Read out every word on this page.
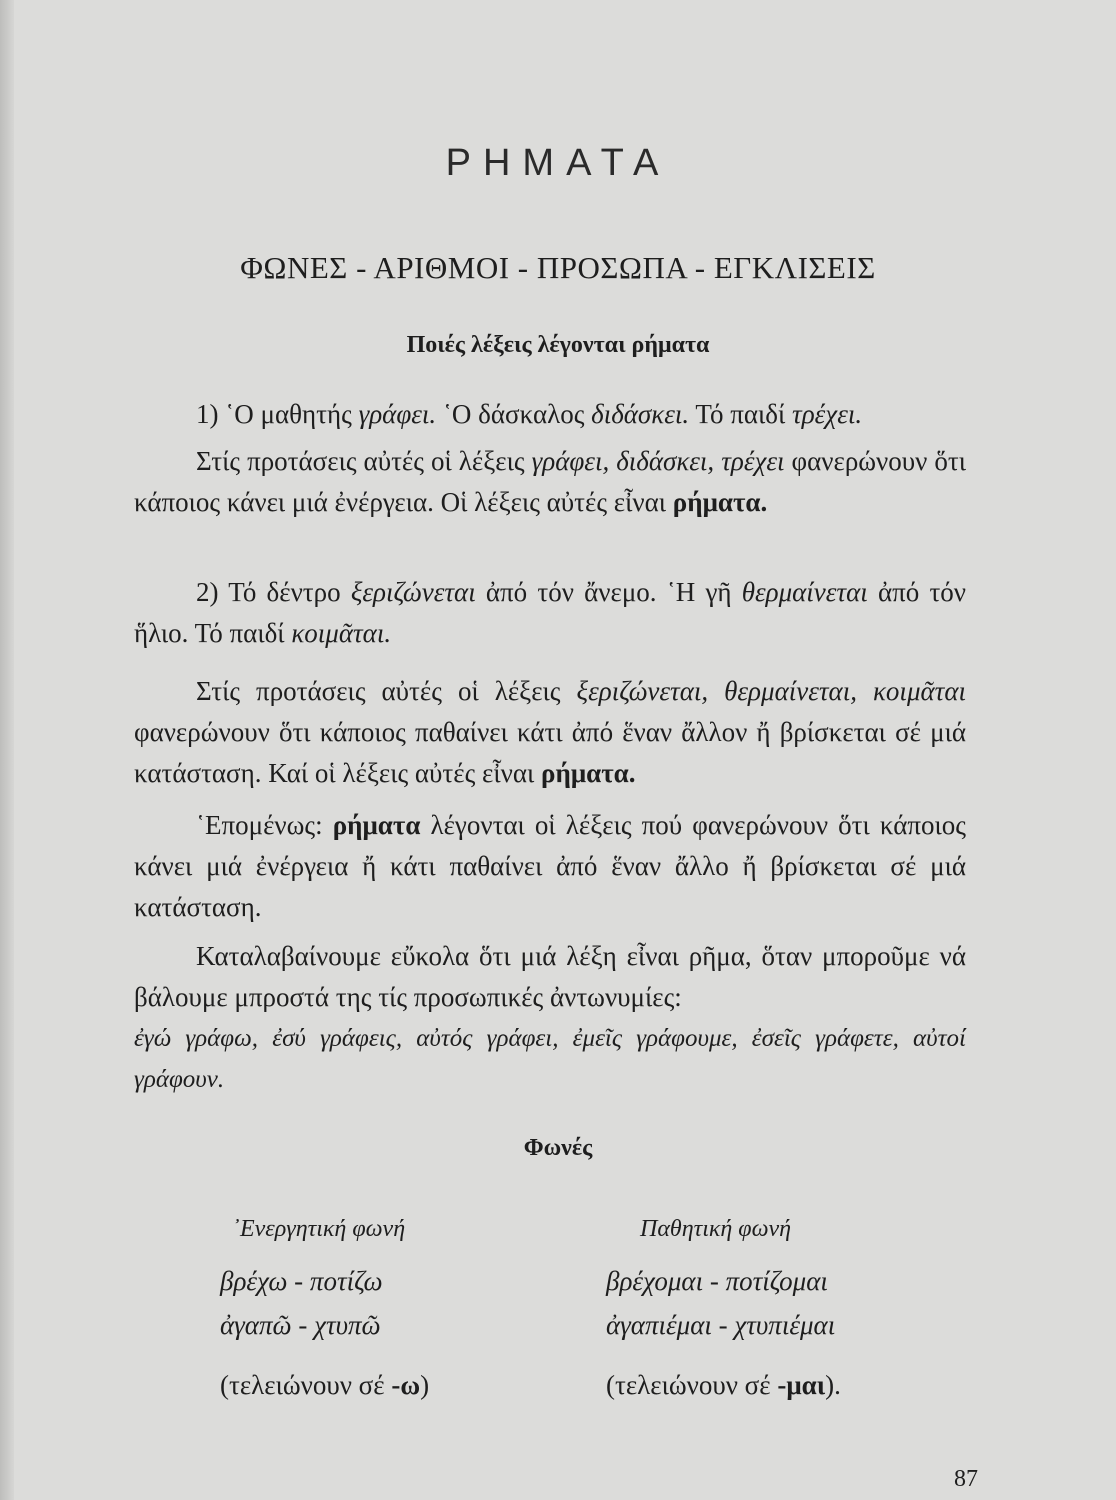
ΡΗΜΑΤΑ
ΦΩΝΕΣ - ΑΡΙΘΜΟΙ - ΠΡΟΣΩΠΑ - ΕΓΚΛΙΣΕΙΣ
Ποιές λέξεις λέγονται ρήματα

1) ῾Ο μαθητής γράφει. ῾Ο δάσκαλος διδάσκει. Τό παιδί τρέχει.

Στίς προτάσεις αὐτές οἱ λέξεις γράφει, διδάσκει, τρέχει φανερώνουν ὅτι κάποιος κάνει μιά ἐνέργεια. Οἱ λέξεις αὐτές εἶναι ρήματα.

2) Τό δέντρο ξεριζώνεται ἀπό τόν ἄνεμο. ῾Η γῆ θερμαίνεται ἀπό τόν ἥλιο. Τό παιδί κοιμᾶται.

Στίς προτάσεις αὐτές οἱ λέξεις ξεριζώνεται, θερμαίνεται, κοιμᾶται φανερώνουν ὅτι κάποιος παθαίνει κάτι ἀπό ἕναν ἄλλον ἤ βρίσκεται σέ μιά κατάσταση. Καί οἱ λέξεις αὐτές εἶναι ρήματα.

῾Επομένως: ρήματα λέγονται οἱ λέξεις πού φανερώνουν ὅτι κάποιος κάνει μιά ἐνέργεια ἤ κάτι παθαίνει ἀπό ἕναν ἄλλο ἤ βρίσκεται σέ μιά κατάσταση.

Καταλαβαίνουμε εὔκολα ὅτι μιά λέξη εἶναι ρῆμα, ὅταν μπορoῦμε νά βάλουμε μπροστά της τίς προσωπικές ἀντωνυμίες:

ἐγώ γράφω, ἐσύ γράφεις, αὐτός γράφει, ἐμεῖς γράφουμε, ἐσεῖς γράφετε, αὐτοί γράφουν.

Φωνές
᾿Ενεργητική φωνή	Παθητική φωνή
βρέχω - ποτίζω	βρέχομαι - ποτίζομαι
ἀγαπῶ - χτυπῶ	ἀγαπιέμαι - χτυπιέμαι
(τελειώνουν σέ -ω)	(τελειώνουν σέ -μαι).
87
